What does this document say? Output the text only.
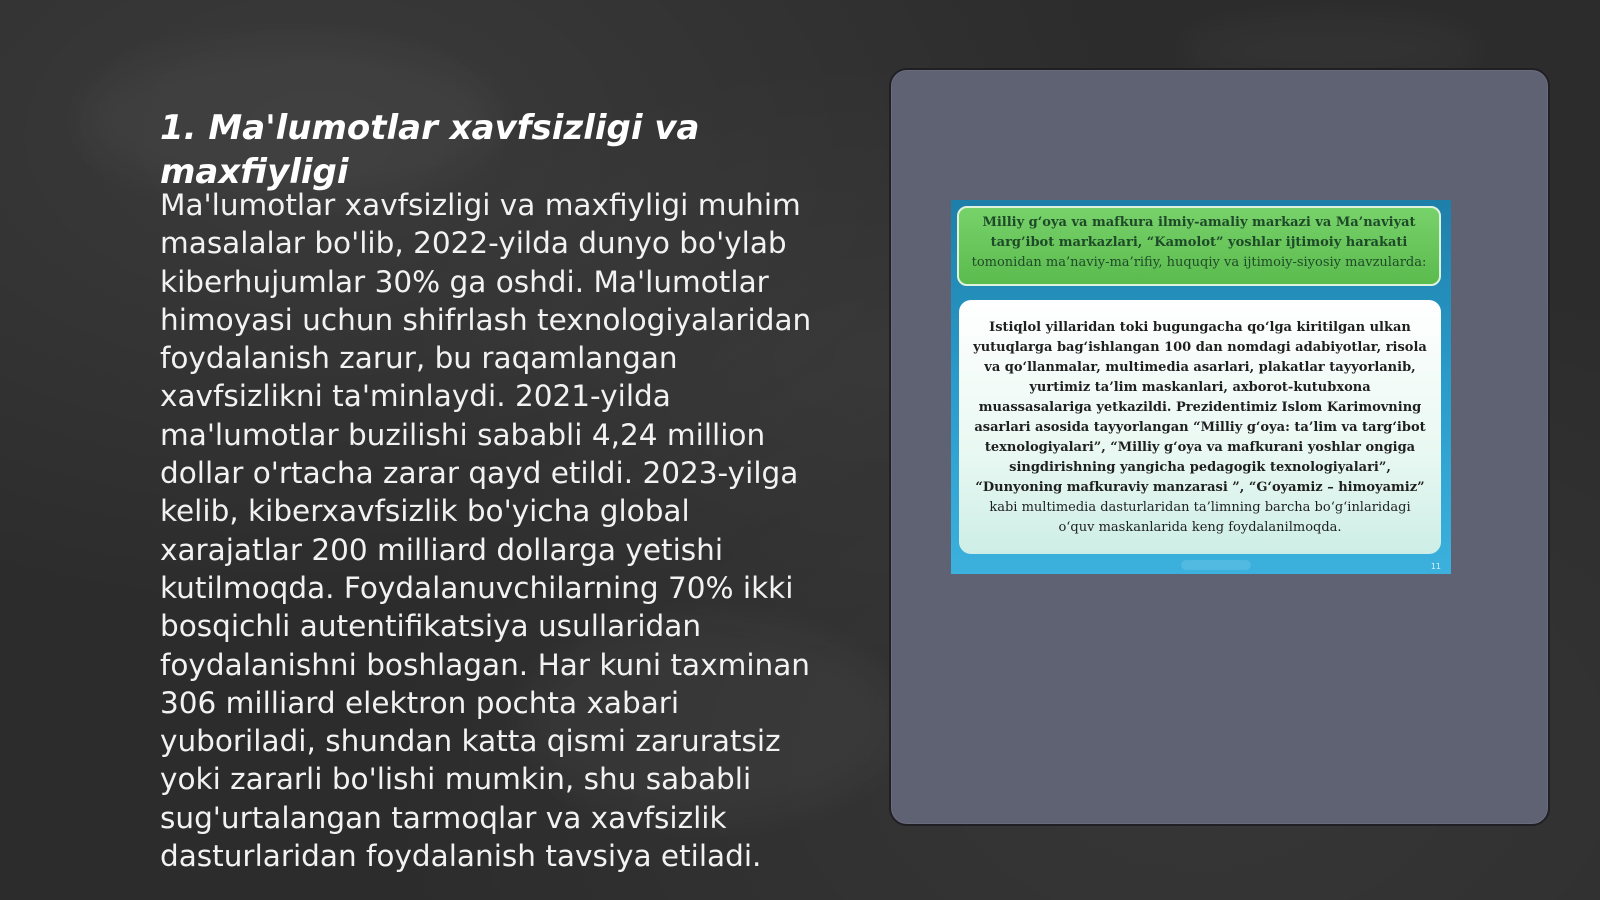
1. Ma'lumotlar xavfsizligi va
maxfiyligi
Ma'lumotlar xavfsizligi va maxfiyligi muhim masalalar bo'lib, 2022-yilda dunyo bo'ylab kiberhujumlar 30% ga oshdi. Ma'lumotlar himoyasi uchun shifrlash texnologiyalaridan foydalanish zarur, bu raqamlangan xavfsizlikni ta'minlaydi. 2021-yilda ma'lumotlar buzilishi sababli 4,24 million dollar o'rtacha zarar qayd etildi. 2023-yilga kelib, kiberxavfsizlik bo'yicha global xarajatlar 200 milliard dollarga yetishi kutilmoqda. Foydalanuvchilarning 70% ikki bosqichli autentifikatsiya usullaridan foydalanishni boshlagan. Har kuni taxminan 306 milliard elektron pochta xabari yuboriladi, shundan katta qismi zaruratsiz yoki zararli bo'lishi mumkin, shu sababli sug'urtalangan tarmoqlar va xavfsizlik dasturlaridan foydalanish tavsiya etiladi.
Milliy g‘oya va mafkura ilmiy-amaliy markazi va Ma’naviyat targ’ibot markazlari, “Kamolot” yoshlar ijtimoiy harakati tomonidan ma’naviy-ma’rifiy, huquqiy va ijtimoiy-siyosiy mavzularda:
Istiqlol yillaridan toki bugungacha qo‘lga kiritilgan ulkan yutuqlarga bag‘ishlangan 100 dan nomdagi adabiyotlar, risola va qo‘llanmalar, multimedia asarlari, plakatlar tayyorlanib, yurtimiz ta’lim maskanlari, axborot-kutubxona muassasalariga yetkazildi. Prezidentimiz Islom Karimovning asarlari asosida tayyorlangan “Milliy g‘oya: ta’lim va targ‘ibot texnologiyalari”, “Milliy g‘oya va mafkurani yoshlar ongiga singdirishning yangicha pedagogik texnologiyalari”, “Dunyoning mafkuraviy manzarasi ”, “G‘oyamiz – himoyamiz” kabi multimedia dasturlaridan ta’limning barcha bo‘g‘inlaridagi o‘quv maskanlarida keng foydalanilmoqda.
11
